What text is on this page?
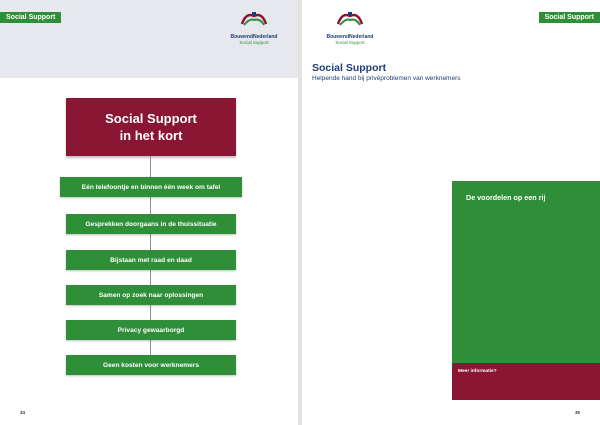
Social Support
BouwendNederland
Social Support
Social Support
in het kort
Eén telefoontje en binnen één week om tafel
Gesprekken doorgaans in de thuissituatie
Bijstaan met raad en daad
Samen op zoek naar oplossingen
Privacy gewaarborgd
Geen kosten voor werknemers
34
Social Support
BouwendNederland
Social Support
Social Support
Helpende hand bij privéproblemen van werknemers
De voordelen op een rij
Meer informatie?
35
